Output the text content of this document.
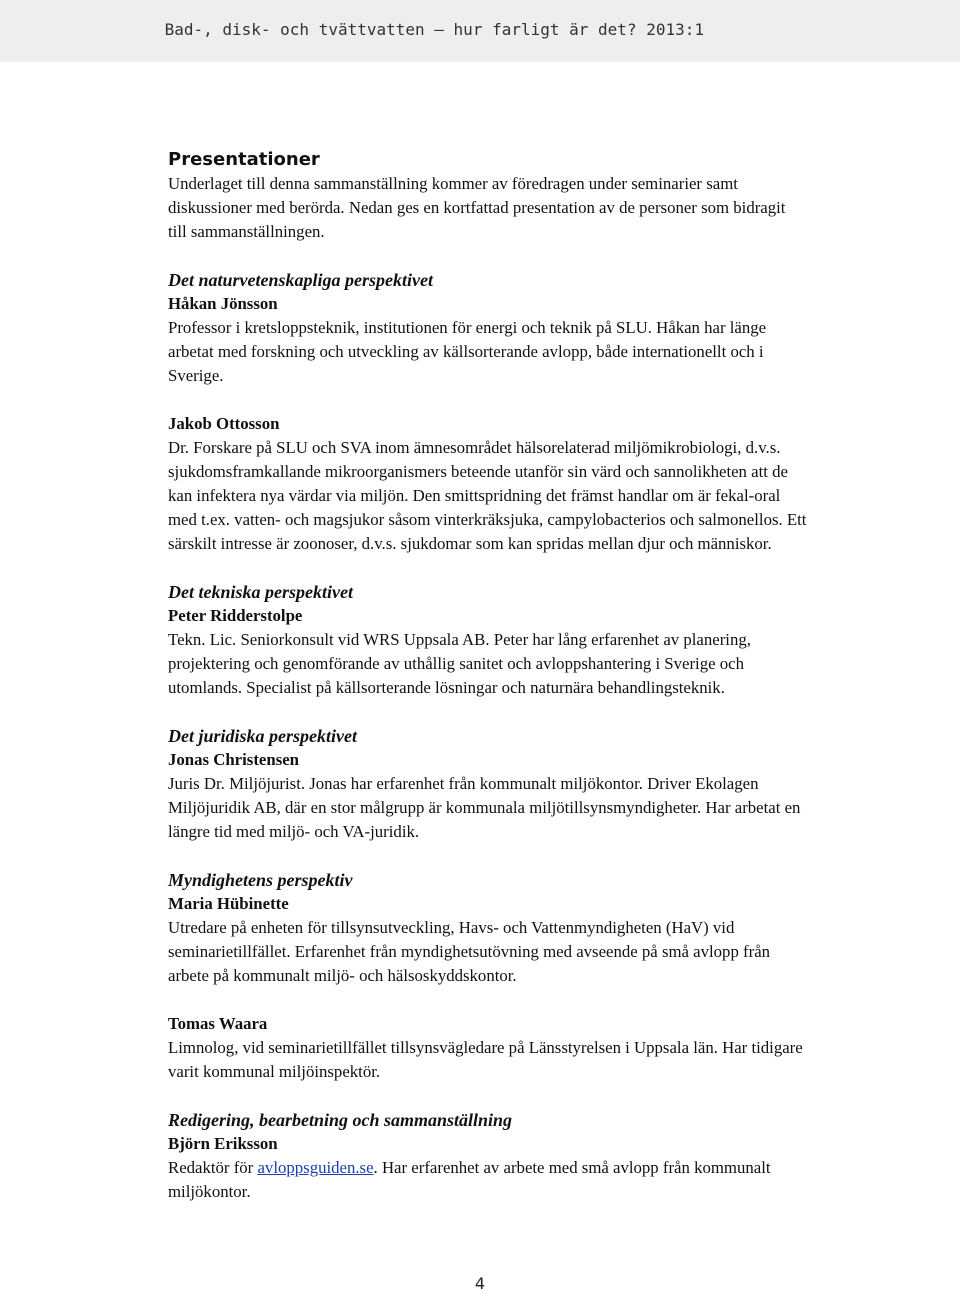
Bad-, disk- och tvättvatten – hur farligt är det? 2013:1
Presentationer

Underlaget till denna sammanställning kommer av föredragen under seminarier samt diskussioner med berörda. Nedan ges en kortfattad presentation av de personer som bidragit till sammanställningen.

Det naturvetenskapliga perspektivet

Håkan Jönsson

Professor i kretsloppsteknik, institutionen för energi och teknik på SLU. Håkan har länge arbetat med forskning och utveckling av källsorterande avlopp, både internationellt och i Sverige.

Jakob Ottosson

Dr. Forskare på SLU och SVA inom ämnesområdet hälsorelaterad miljömikrobiologi, d.v.s. sjukdomsframkallande mikroorganismers beteende utanför sin värd och sannolikheten att de kan infektera nya värdar via miljön. Den smittspridning det främst handlar om är fekal-oral med t.ex. vatten- och magsjukor såsom vinterkräksjuka, campylobacterios och salmonellos. Ett särskilt intresse är zoonoser, d.v.s. sjukdomar som kan spridas mellan djur och människor.

Det tekniska perspektivet

Peter Ridderstolpe

Tekn. Lic. Seniorkonsult vid WRS Uppsala AB. Peter har lång erfarenhet av planering, projektering och genomförande av uthållig sanitet och avloppshantering i Sverige och utomlands. Specialist på källsorterande lösningar och naturnära behandlingsteknik.

Det juridiska perspektivet

Jonas Christensen

Juris Dr. Miljöjurist. Jonas har erfarenhet från kommunalt miljökontor. Driver Ekolagen Miljöjuridik AB, där en stor målgrupp är kommunala miljötillsynsmyndigheter. Har arbetat en längre tid med miljö- och VA-juridik.

Myndighetens perspektiv

Maria Hübinette

Utredare på enheten för tillsynsutveckling, Havs- och Vattenmyndigheten (HaV) vid seminarietillfället. Erfarenhet från myndighetsutövning med avseende på små avlopp från arbete på kommunalt miljö- och hälsoskyddskontor.

Tomas Waara

Limnolog, vid seminarietillfället tillsynsvägledare på Länsstyrelsen i Uppsala län. Har tidigare varit kommunal miljöinspektör.

Redigering, bearbetning och sammanställning

Björn Eriksson

Redaktör för avloppsguiden.se. Har erfarenhet av arbete med små avlopp från kommunalt miljökontor.

4
